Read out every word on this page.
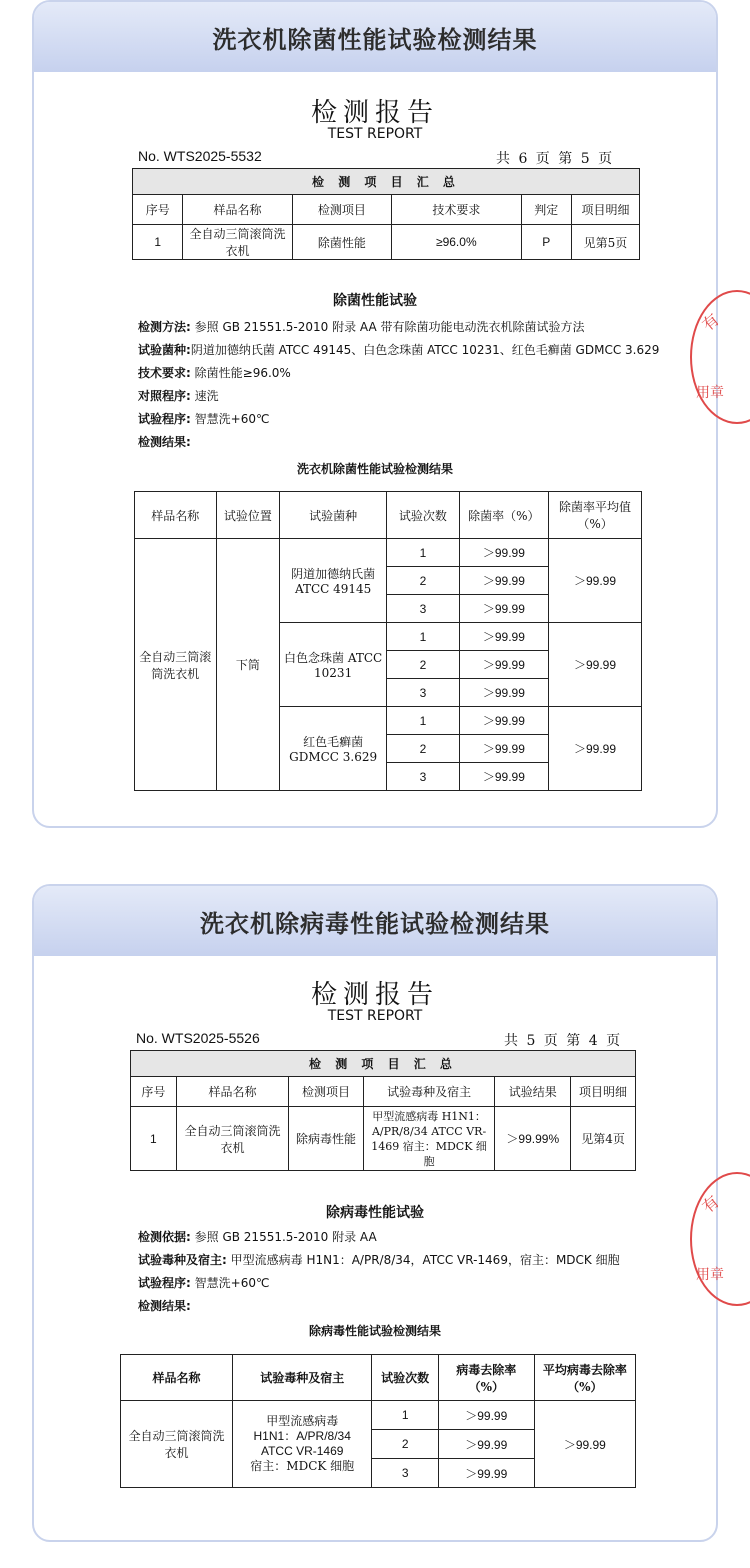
洗衣机除菌性能试验检测结果
检测报告
TEST REPORT
No. WTS2025-5532	共 6 页 第 5 页
检 测 项 目 汇 总					
序号	样品名称	检测项目	技术要求	判定	项目明细
1	全自动三筒滚筒洗衣机	除菌性能	≥96.0%	P	见第5页
除菌性能试验
检测方法: 参照 GB 21551.5-2010 附录 AA 带有除菌功能电动洗衣机除菌试验方法
试验菌种:阴道加德纳氏菌 ATCC 49145、白色念珠菌 ATCC 10231、红色毛癣菌 GDMCC 3.629
技术要求: 除菌性能≥96.0%
对照程序: 速洗
试验程序: 智慧洗+60℃
检测结果:
洗衣机除菌性能试验检测结果
样品名称	试验位置	试验菌种	试验次数	除菌率（%）	除菌率平均值（%）
全自动三筒滚筒洗衣机	下筒	阴道加德纳氏菌 ATCC 49145	1	＞99.99	＞99.99
			2	＞99.99	
			3	＞99.99	
		白色念珠菌 ATCC 10231	1	＞99.99	＞99.99
			2	＞99.99	
			3	＞99.99	
		红色毛癣菌 GDMCC 3.629	1	＞99.99	＞99.99
			2	＞99.99	
			3	＞99.99	
有
用章
洗衣机除病毒性能试验检测结果
检测报告
TEST REPORT
No. WTS2025-5526	共 5 页 第 4 页
检 测 项 目 汇 总					
序号	样品名称	检测项目	试验毒种及宿主	试验结果	项目明细
1	全自动三筒滚筒洗衣机	除病毒性能	甲型流感病毒 H1N1：A/PR/8/34 ATCC VR-1469 宿主：MDCK 细胞	＞99.99%	见第4页
除病毒性能试验
检测依据: 参照 GB 21551.5-2010 附录 AA
试验毒种及宿主: 甲型流感病毒 H1N1：A/PR/8/34，ATCC VR-1469，宿主：MDCK 细胞
试验程序: 智慧洗+60℃
检测结果:
除病毒性能试验检测结果
样品名称	试验毒种及宿主	试验次数	病毒去除率（%）	平均病毒去除率（%）
全自动三筒滚筒洗衣机	甲型流感病毒
H1N1：A/PR/8/34
ATCC VR-1469
宿主：MDCK 细胞	1	＞99.99	＞99.99
		2	＞99.99	
		3	＞99.99	
有
用章
